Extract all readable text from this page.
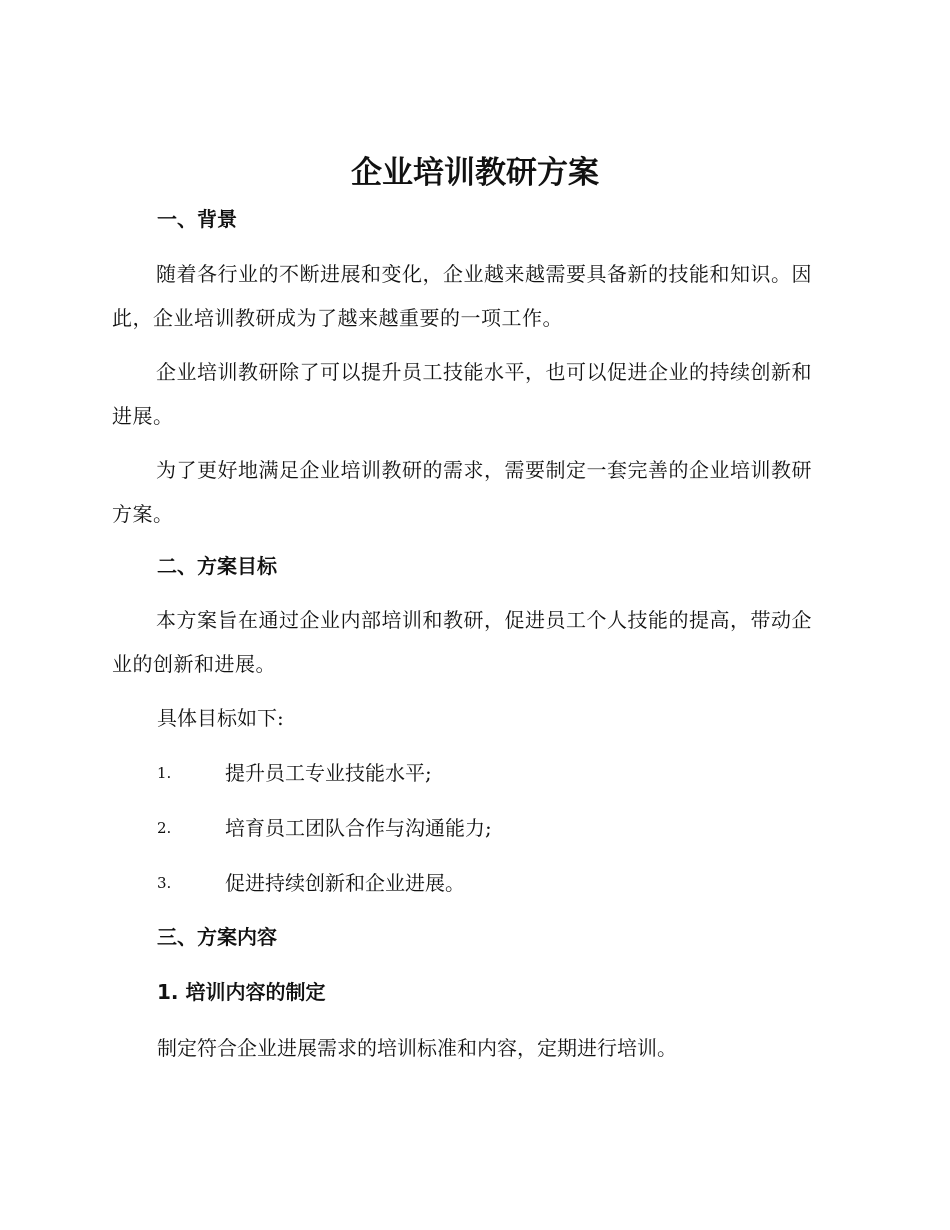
企业培训教研方案
一、背景

随着各行业的不断进展和变化，企业越来越需要具备新的技能和知识。因此，企业培训教研成为了越来越重要的一项工作。

企业培训教研除了可以提升员工技能水平，也可以促进企业的持续创新和进展。

为了更好地满足企业培训教研的需求，需要制定一套完善的企业培训教研方案。

二、方案目标

本方案旨在通过企业内部培训和教研，促进员工个人技能的提高，带动企业的创新和进展。

具体目标如下:

1.	提升员工专业技能水平;
2.	培育员工团队合作与沟通能力;
3.	促进持续创新和企业进展。
三、方案内容
1. 培训内容的制定

制定符合企业进展需求的培训标准和内容，定期进行培训。
